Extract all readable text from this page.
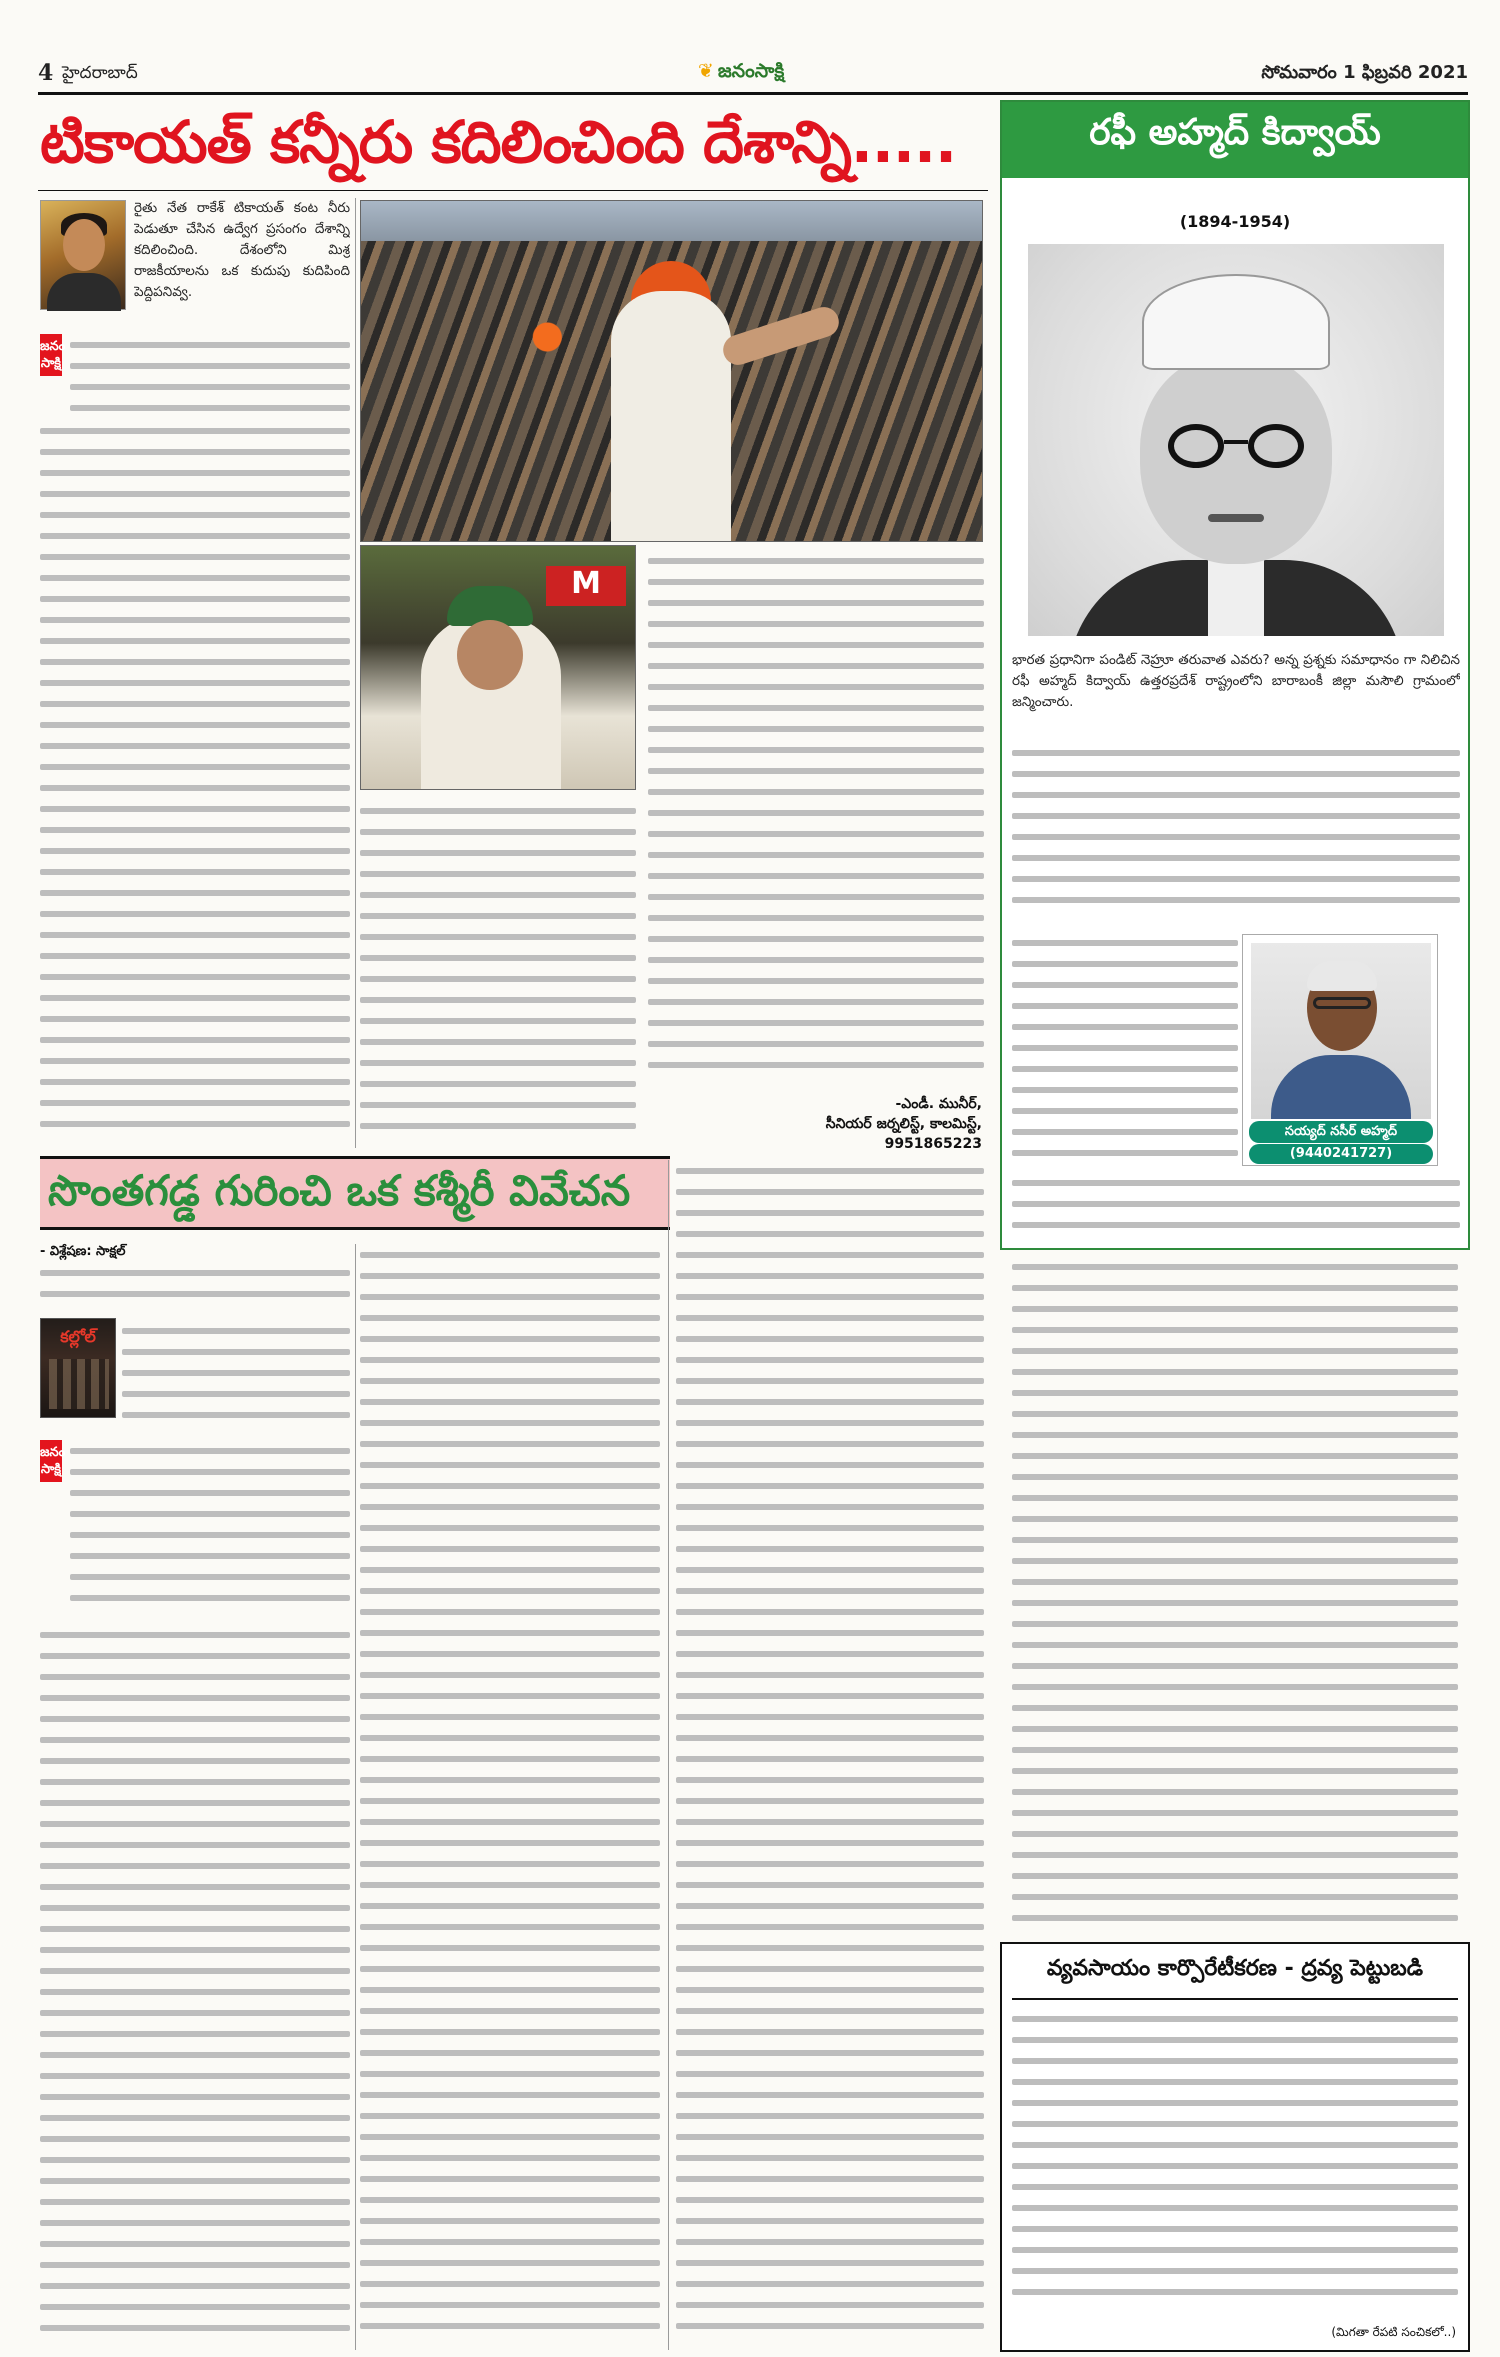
4 హైదరాబాద్	❦ జనంసాక్షి	సోమవారం 1 ఫిబ్రవరి 2021
టికాయత్ కన్నీరు కదిలించింది దేశాన్ని.....
రైతు నేత రాకేశ్ టికాయత్ కంట నీరు పెడుతూ చేసిన ఉద్వేగ ప్రసంగం దేశాన్ని కదిలించింది. దేశంలోని మిశ్ర రాజకీయాలను ఒక కుదుపు కుదిపింది పెద్దిపనివ్వ.
జనం సాక్షి
M
-ఎండీ. మునీర్,
సీనియర్ జర్నలిస్ట్, కాలమిస్ట్,
9951865223
సొంతగడ్డ గురించి ఒక కశ్మీరీ వివేచన
- విశ్లేషణ: సాక్షల్
కల్లోల్
జనం సాక్షి
రఫీ అహ్మద్ కిద్వాయ్
(1894-1954)
భారత ప్రధానిగా పండిట్ నెహ్రూ తరువాత ఎవరు? అన్న ప్రశ్నకు సమాధానం గా నిలిచిన రఫీ అహ్మద్ కిద్వాయ్ ఉత్తరప్రదేశ్ రాష్ట్రంలోని బారాబంకీ జిల్లా మసౌలి గ్రామంలో జన్మించారు.
సయ్యద్ నసీర్ అహ్మద్
(9440241727)
వ్యవసాయం కార్పొరేటీకరణ - ద్రవ్య పెట్టుబడి
(మిగతా రేపటి సంచికలో..)
